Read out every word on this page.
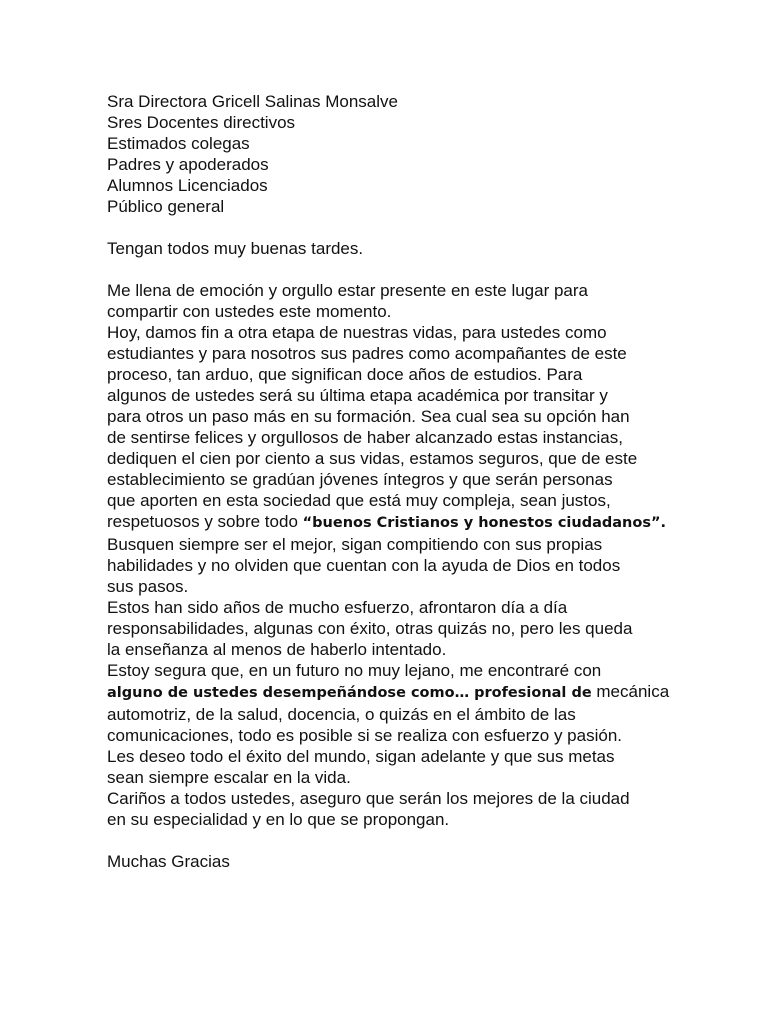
Sra Directora Gricell Salinas Monsalve
Sres Docentes directivos
Estimados colegas
Padres y apoderados
Alumnos Licenciados
Público general

Tengan todos muy buenas tardes.

Me llena de emoción y orgullo estar presente en este lugar para
compartir con ustedes este momento.
Hoy, damos fin a otra etapa de nuestras vidas, para ustedes como
estudiantes y para nosotros sus padres como acompañantes de este
proceso, tan arduo, que significan doce años de estudios. Para
algunos de ustedes será su última etapa académica por transitar y
para otros un paso más en su formación. Sea cual sea su opción han
de sentirse felices y orgullosos de haber alcanzado estas instancias,
dediquen el cien por ciento a sus vidas, estamos seguros, que de este
establecimiento se gradúan jóvenes íntegros y que serán personas
que aporten en esta sociedad que está muy compleja, sean justos,
respetuosos y sobre todo “buenos Cristianos y honestos ciudadanos”.
Busquen siempre ser el mejor, sigan compitiendo con sus propias
habilidades y no olviden que cuentan con la ayuda de Dios en todos
sus pasos.
Estos han sido años de mucho esfuerzo, afrontaron día a día
responsabilidades, algunas con éxito, otras quizás no, pero les queda
la enseñanza al menos de haberlo intentado.
Estoy segura que, en un futuro no muy lejano, me encontraré con
alguno de ustedes desempeñándose como… profesional de mecánica
automotriz, de la salud, docencia, o quizás en el ámbito de las
comunicaciones, todo es posible si se realiza con esfuerzo y pasión.
Les deseo todo el éxito del mundo, sigan adelante y que sus metas
sean siempre escalar en la vida.
Cariños a todos ustedes, aseguro que serán los mejores de la ciudad
en su especialidad y en lo que se propongan.

Muchas Gracias
